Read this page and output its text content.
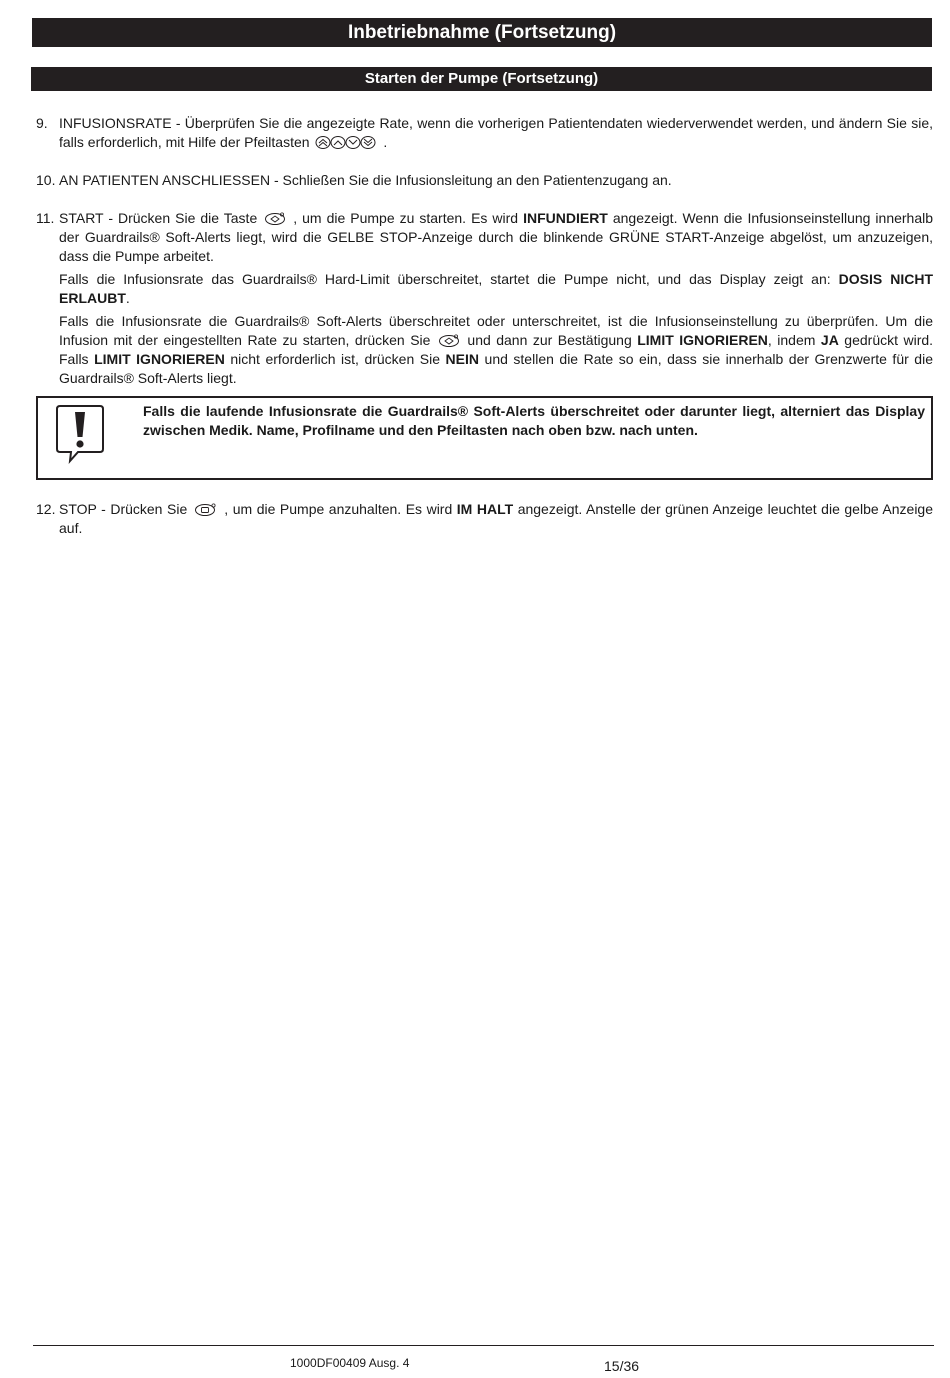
Inbetriebnahme (Fortsetzung)
Starten der Pumpe (Fortsetzung)
9. INFUSIONSRATE - Überprüfen Sie die angezeigte Rate, wenn die vorherigen Patientendaten wiederverwendet werden, und ändern Sie sie, falls erforderlich, mit Hilfe der Pfeiltasten	.

10. AN PATIENTEN ANSCHLIESSEN - Schließen Sie die Infusionsleitung an den Patientenzugang an.

11. START - Drücken Sie die Taste	, um die Pumpe zu starten. Es wird INFUNDIERT angezeigt. Wenn die Infusionseinstellung innerhalb der Guardrails® Soft-Alerts liegt, wird die GELBE STOP-Anzeige durch die blinkende GRÜNE START-Anzeige abgelöst, um anzuzeigen, dass die Pumpe arbeitet.

Falls die Infusionsrate das Guardrails® Hard-Limit überschreitet, startet die Pumpe nicht, und das Display zeigt an: DOSIS NICHT ERLAUBT.

Falls die Infusionsrate die Guardrails® Soft-Alerts überschreitet oder unterschreitet, ist die Infusionseinstellung zu überprüfen. Um die Infusion mit der eingestellten Rate zu starten, drücken Sie	und dann zur Bestätigung LIMIT IGNORIEREN, indem JA gedrückt wird. Falls LIMIT IGNORIEREN nicht erforderlich ist, drücken Sie NEIN und stellen die Rate so ein, dass sie innerhalb der Grenzwerte für die Guardrails® Soft-Alerts liegt.

Falls die laufende Infusionsrate die Guardrails® Soft-Alerts überschreitet oder darunter liegt, alterniert das Display zwischen Medik. Name, Profilname und den Pfeiltasten nach oben bzw. nach unten.
12. STOP - Drücken Sie	, um die Pumpe anzuhalten. Es wird IM HALT angezeigt. Anstelle der grünen Anzeige leuchtet die gelbe Anzeige auf.

1000DF00409 Ausg. 4	15/36
